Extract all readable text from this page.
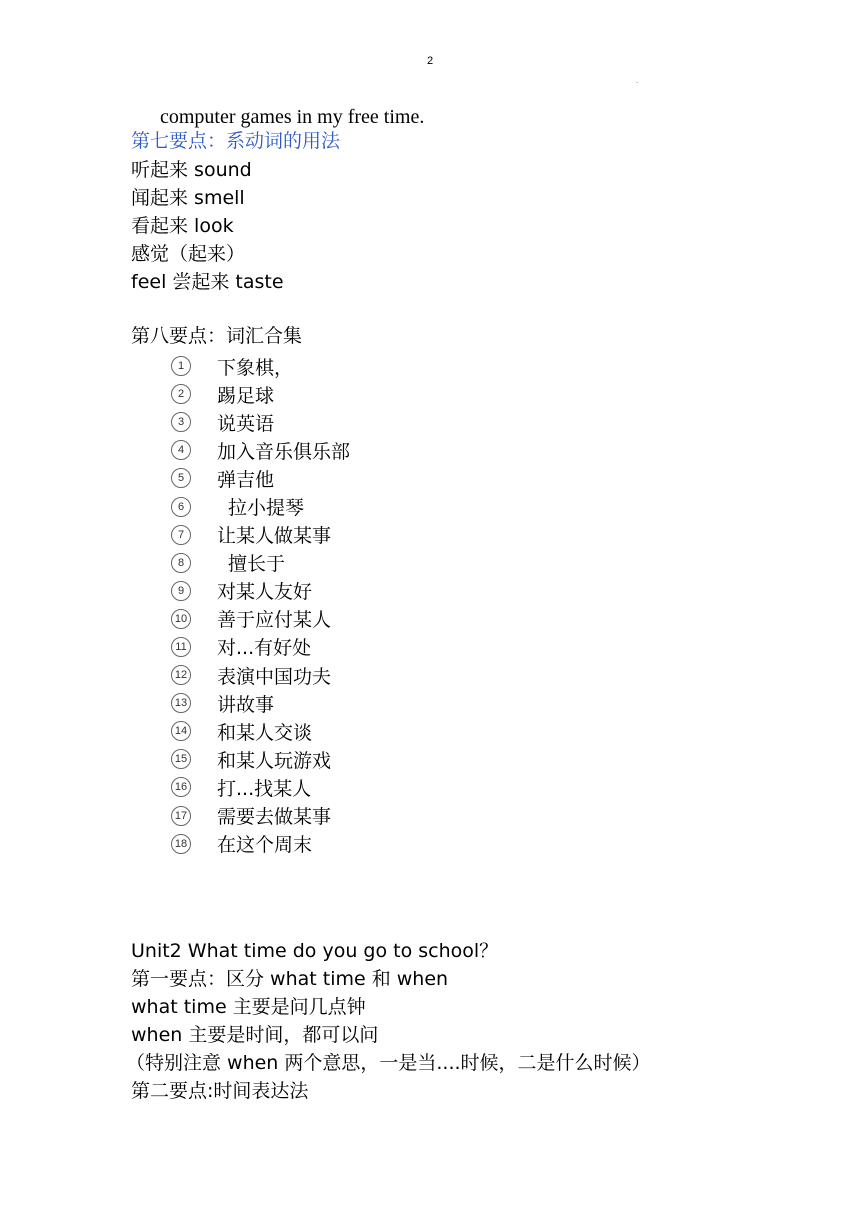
2
.
computer games in my free time.
第七要点：系动词的用法
听起来 sound
闻起来 smell
看起来 look
感觉（起来）
feel 尝起来 taste
第八要点：词汇合集
1	下象棋，
2	踢足球
3	说英语
4	加入音乐俱乐部
5	弹吉他
6	拉小提琴
7	让某人做某事
8	擅长于
9	对某人友好
10 善于应付某人
11 对...有好处
12 表演中国功夫
13 讲故事
14 和某人交谈
15 和某人玩游戏
16 打...找某人
17 需要去做某事
18 在这个周末
Unit2 What time do you go to school？
第一要点：区分 what time 和 when
what time 主要是问几点钟
when 主要是时间，都可以问
（特别注意 when 两个意思，一是当....时候，二是什么时候）
第二要点:时间表达法
